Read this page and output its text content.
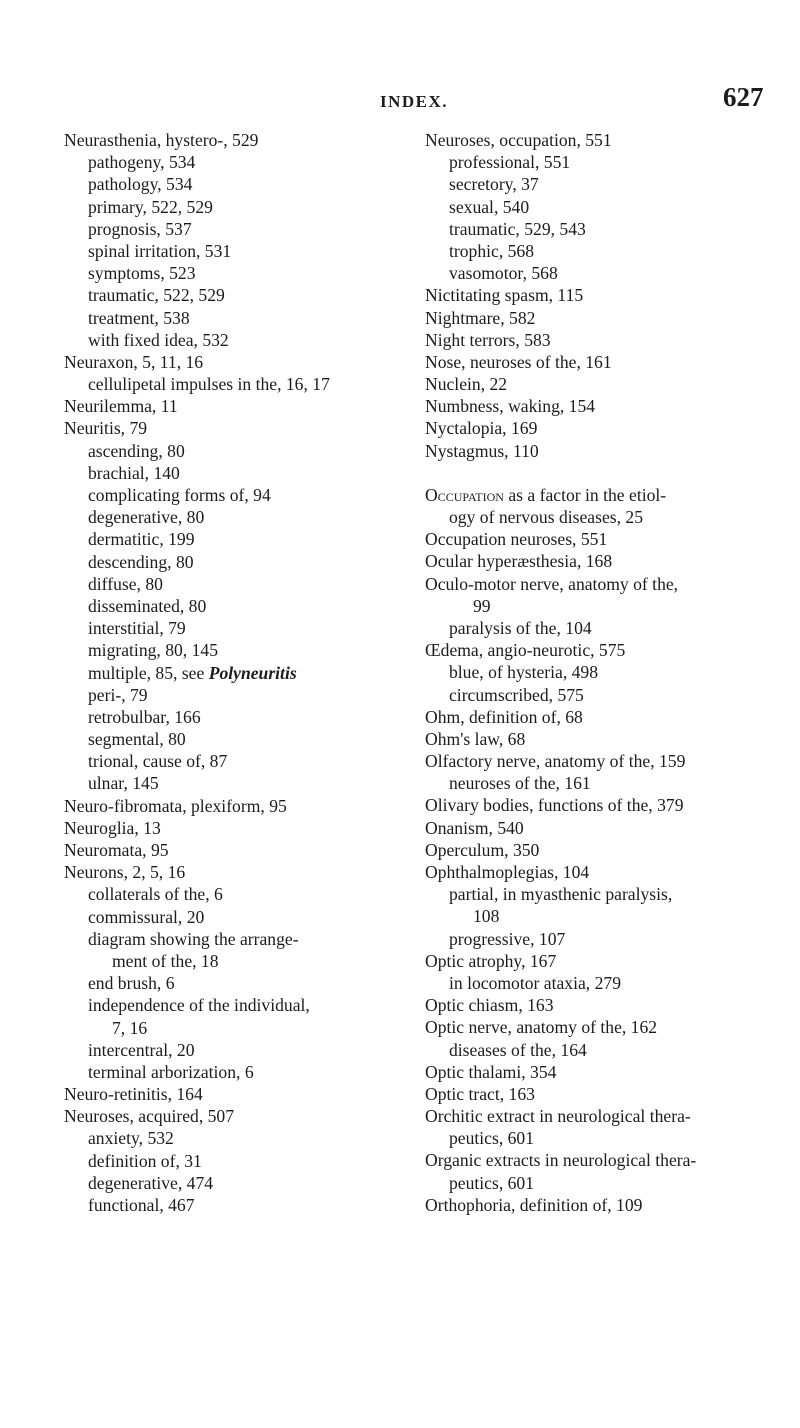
INDEX.	627
Neurasthenia, hystero-, 529
pathogeny, 534
pathology, 534
primary, 522, 529
prognosis, 537
spinal irritation, 531
symptoms, 523
traumatic, 522, 529
treatment, 538
with fixed idea, 532
Neuraxon, 5, 11, 16
cellulipetal impulses in the, 16, 17
Neurilemma, 11
Neuritis, 79
ascending, 80
brachial, 140
complicating forms of, 94
degenerative, 80
dermatitic, 199
descending, 80
diffuse, 80
disseminated, 80
interstitial, 79
migrating, 80, 145
multiple, 85, see Polyneuritis
peri-, 79
retrobulbar, 166
segmental, 80
trional, cause of, 87
ulnar, 145
Neuro-fibromata, plexiform, 95
Neuroglia, 13
Neuromata, 95
Neurons, 2, 5, 16
collaterals of the, 6
commissural, 20
diagram showing the arrange-
ment of the, 18
end brush, 6
independence of the individual,
7, 16
intercentral, 20
terminal arborization, 6
Neuro-retinitis, 164
Neuroses, acquired, 507
anxiety, 532
definition of, 31
degenerative, 474
functional, 467
Neuroses, occupation, 551
professional, 551
secretory, 37
sexual, 540
traumatic, 529, 543
trophic, 568
vasomotor, 568
Nictitating spasm, 115
Nightmare, 582
Night terrors, 583
Nose, neuroses of the, 161
Nuclein, 22
Numbness, waking, 154
Nyctalopia, 169
Nystagmus, 110
Occupation as a factor in the etiol-
ogy of nervous diseases, 25
Occupation neuroses, 551
Ocular hyperæsthesia, 168
Oculo-motor nerve, anatomy of the,
99
paralysis of the, 104
Œdema, angio-neurotic, 575
blue, of hysteria, 498
circumscribed, 575
Ohm, definition of, 68
Ohm's law, 68
Olfactory nerve, anatomy of the, 159
neuroses of the, 161
Olivary bodies, functions of the, 379
Onanism, 540
Operculum, 350
Ophthalmoplegias, 104
partial, in myasthenic paralysis,
108
progressive, 107
Optic atrophy, 167
in locomotor ataxia, 279
Optic chiasm, 163
Optic nerve, anatomy of the, 162
diseases of the, 164
Optic thalami, 354
Optic tract, 163
Orchitic extract in neurological thera-
peutics, 601
Organic extracts in neurological thera-
peutics, 601
Orthophoria, definition of, 109
